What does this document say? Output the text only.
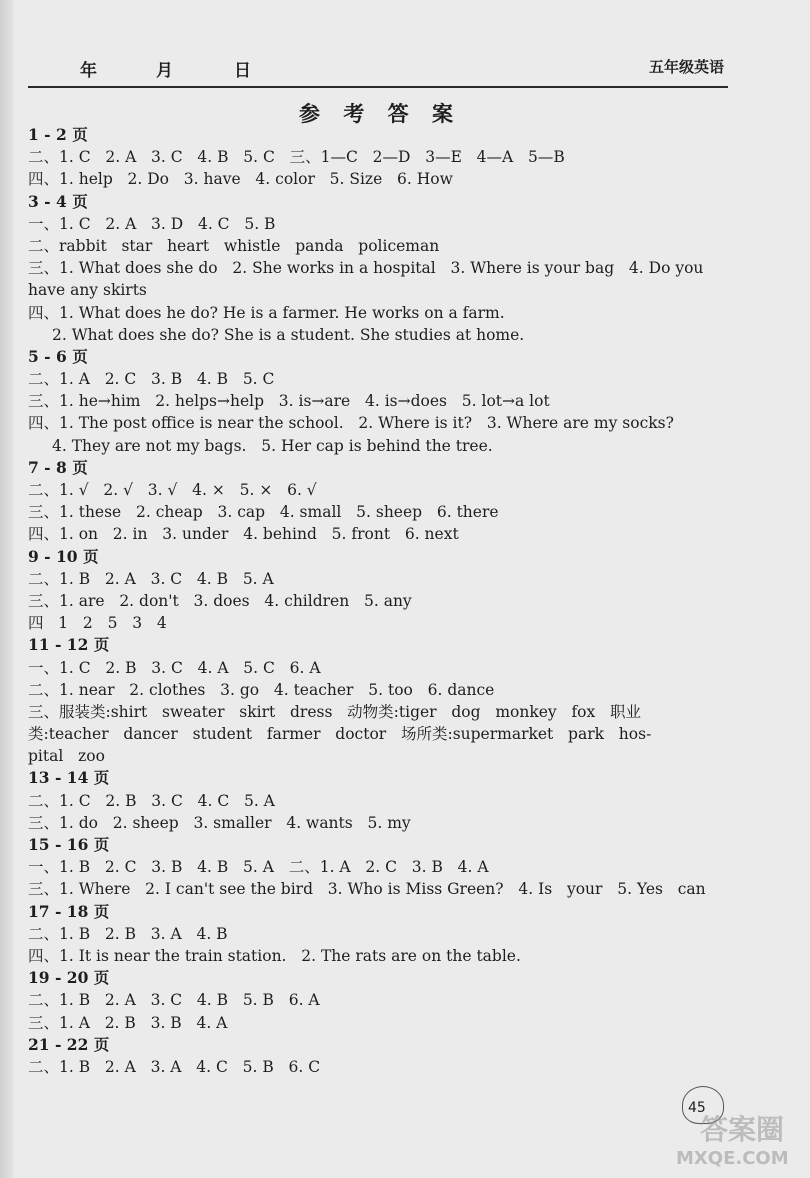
年	月	日	五年级英语
参 考 答 案
1 - 2 页
二、1. C   2. A   3. C   4. B   5. C   三、1—C   2—D   3—E   4—A   5—B
四、1. help   2. Do   3. have   4. color   5. Size   6. How
3 - 4 页
一、1. C   2. A   3. D   4. C   5. B
二、rabbit   star   heart   whistle   panda   policeman
三、1. What does she do   2. She works in a hospital   3. Where is your bag   4. Do you
have any skirts
四、1. What does he do? He is a farmer. He works on a farm.
2. What does she do? She is a student. She studies at home.
5 - 6 页
二、1. A   2. C   3. B   4. B   5. C
三、1. he→him   2. helps→help   3. is→are   4. is→does   5. lot→a lot
四、1. The post office is near the school.   2. Where is it?   3. Where are my socks?
4. They are not my bags.   5. Her cap is behind the tree.
7 - 8 页
二、1. √   2. √   3. √   4. ×   5. ×   6. √
三、1. these   2. cheap   3. cap   4. small   5. sheep   6. there
四、1. on   2. in   3. under   4. behind   5. front   6. next
9 - 10 页
二、1. B   2. A   3. C   4. B   5. A
三、1. are   2. don't   3. does   4. children   5. any
四   1   2   5   3   4
11 - 12 页
一、1. C   2. B   3. C   4. A   5. C   6. A
二、1. near   2. clothes   3. go   4. teacher   5. too   6. dance
三、服装类:shirt   sweater   skirt   dress   动物类:tiger   dog   monkey   fox   职业
类:teacher   dancer   student   farmer   doctor   场所类:supermarket   park   hos-
pital   zoo
13 - 14 页
二、1. C   2. B   3. C   4. C   5. A
三、1. do   2. sheep   3. smaller   4. wants   5. my
15 - 16 页
一、1. B   2. C   3. B   4. B   5. A   二、1. A   2. C   3. B   4. A
三、1. Where   2. I can't see the bird   3. Who is Miss Green?   4. Is   your   5. Yes   can
17 - 18 页
二、1. B   2. B   3. A   4. B
四、1. It is near the train station.   2. The rats are on the table.
19 - 20 页
二、1. B   2. A   3. C   4. B   5. B   6. A
三、1. A   2. B   3. B   4. A
21 - 22 页
二、1. B   2. A   3. A   4. C   5. B   6. C
45
答案圈
MXQE.COM
